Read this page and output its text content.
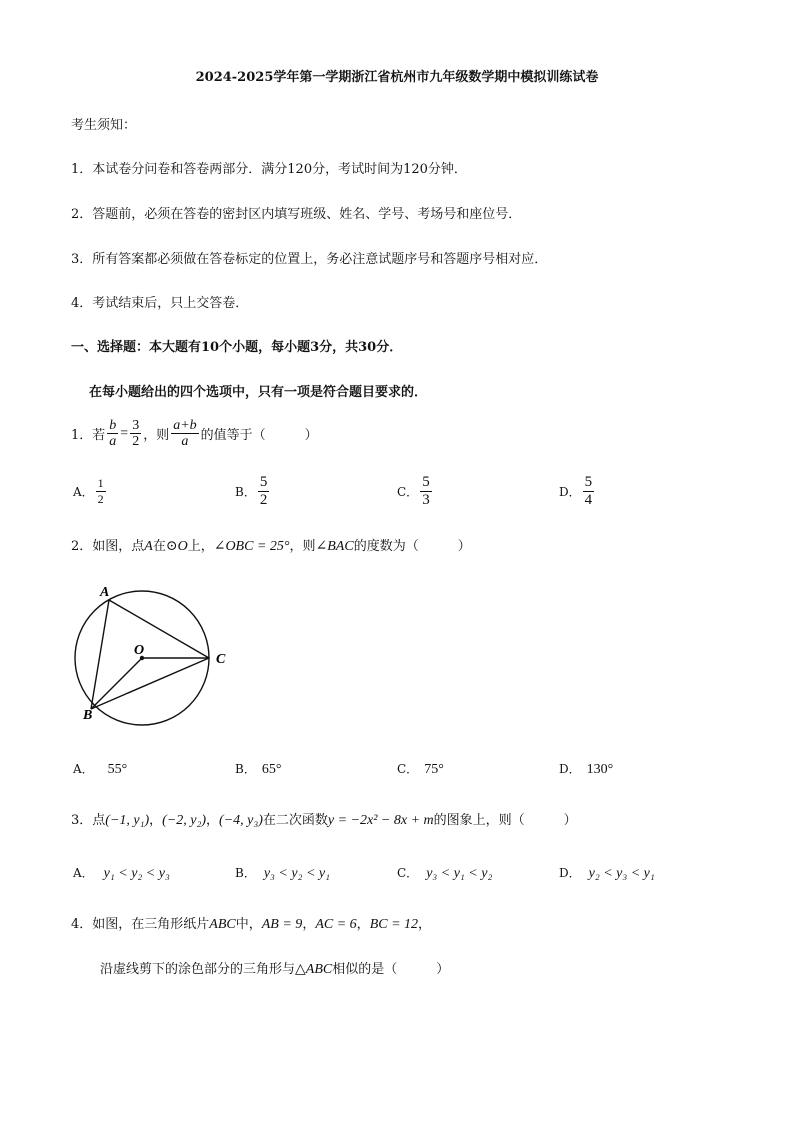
2024-2025学年第一学期浙江省杭州市九年级数学期中模拟训练试卷
考生须知：
1．本试卷分问卷和答卷两部分．满分120分，考试时间为120分钟．
2．答题前，必须在答卷的密封区内填写班级、姓名、学号、考场号和座位号．
3．所有答案都必须做在答卷标定的位置上，务必注意试题序号和答题序号相对应．
4．考试结束后，只上交答卷．
一、选择题：本大题有10个小题，每小题3分，共30分．
在每小题给出的四个选项中，只有一项是符合题目要求的．
1．若 $\frac{b}{a} = \frac{3}{2}$ ，则 $\frac{a+b}{a}$ 的值等于（　　　）
A． $\frac{1}{2}$	B． $\frac{5}{2}$	C． $\frac{5}{3}$	D． $\frac{5}{4}$
2．如图，点A在⊙O上，∠OBC = 25°，则∠BAC的度数为（　　　）
A
O
C
B
A． 55°	B． 65°	C． 75°	D． 130°
3．点(−1, y₁)，(−2, y₂)，(−4, y₃)在二次函数y = −2x² − 8x + m的图象上，则（　　　）
A． y₁ < y₂ < y₃	B． y₃ < y₂ < y₁	C． y₃ < y₁ < y₂	D． y₂ < y₃ < y₁
4．如图，在三角形纸片ABC中，AB = 9，AC = 6，BC = 12，
沿虚线剪下的涂色部分的三角形与△ABC相似的是（　　　）
